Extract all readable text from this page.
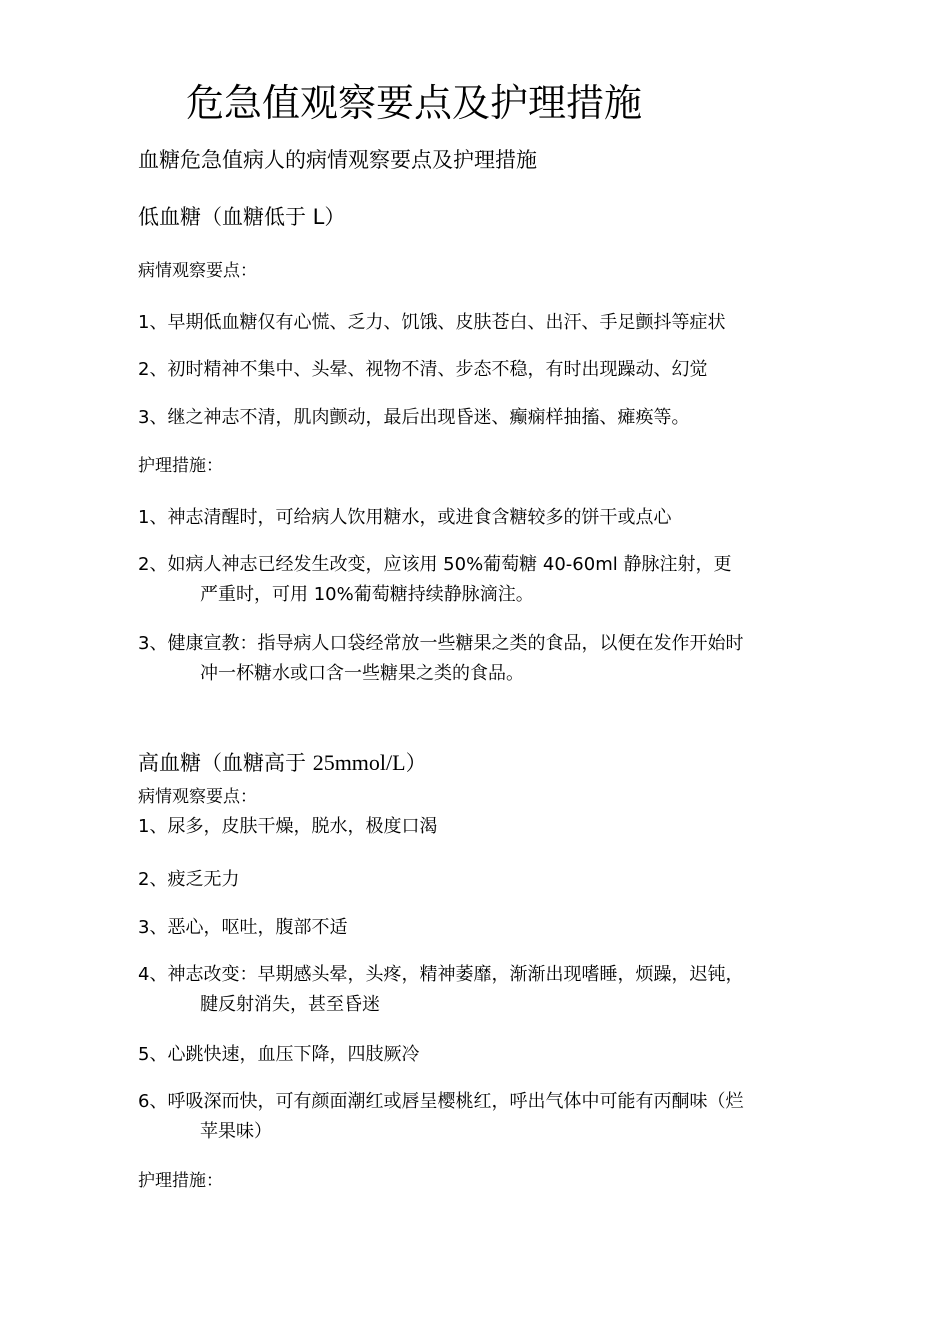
危急值观察要点及护理措施
血糖危急值病人的病情观察要点及护理措施
低血糖（血糖低于 L）
病情观察要点：
1、早期低血糖仅有心慌、乏力、饥饿、皮肤苍白、出汗、手足颤抖等症状
2、初时精神不集中、头晕、视物不清、步态不稳，有时出现躁动、幻觉
3、继之神志不清，肌肉颤动，最后出现昏迷、癫痫样抽搐、瘫痪等。
护理措施：
1、神志清醒时，可给病人饮用糖水，或进食含糖较多的饼干或点心
2、如病人神志已经发生改变，应该用 50%葡萄糖 40-60ml 静脉注射，更
严重时，可用 10%葡萄糖持续静脉滴注。
3、健康宣教：指导病人口袋经常放一些糖果之类的食品，以便在发作开始时
冲一杯糖水或口含一些糖果之类的食品。
高血糖（血糖高于 25mmol/L）
病情观察要点：
1、尿多，皮肤干燥，脱水，极度口渴
2、疲乏无力
3、恶心，呕吐，腹部不适
4、神志改变：早期感头晕，头疼，精神萎靡，渐渐出现嗜睡，烦躁，迟钝，
腱反射消失，甚至昏迷
5、心跳快速，血压下降，四肢厥冷
6、呼吸深而快，可有颜面潮红或唇呈樱桃红，呼出气体中可能有丙酮味（烂
苹果味）
护理措施：
